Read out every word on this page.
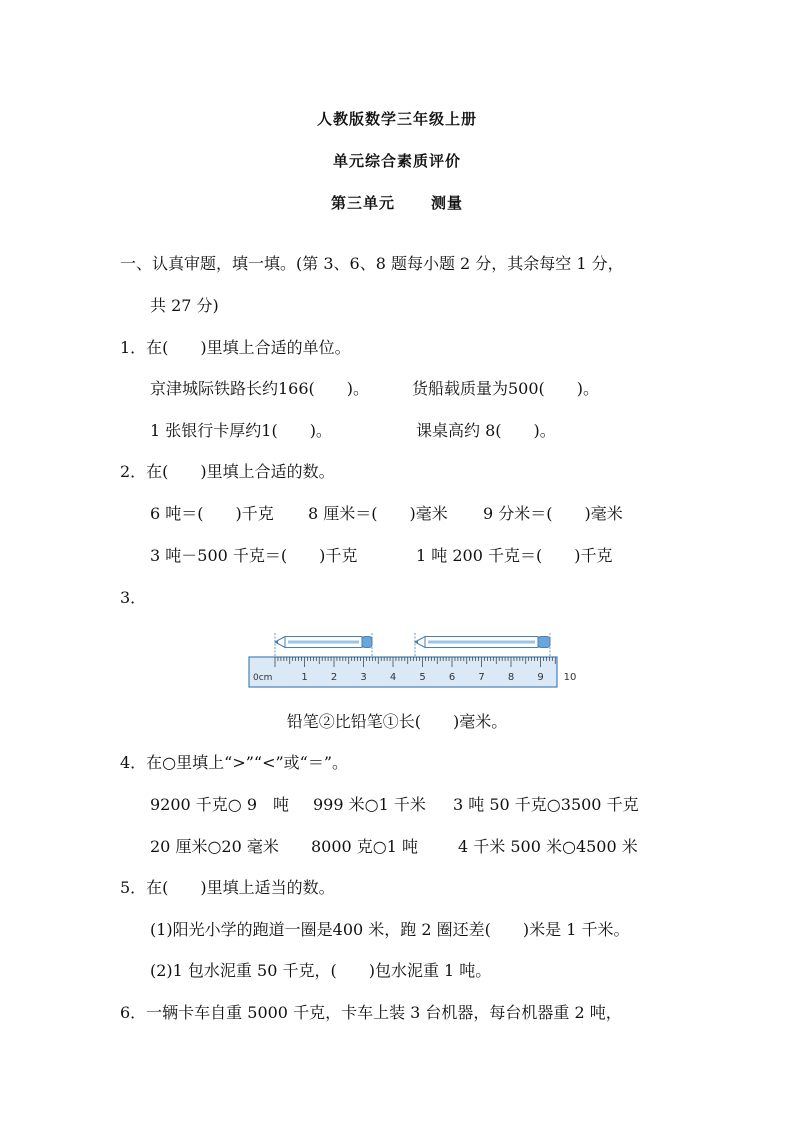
人教版数学三年级上册
单元综合素质评价
第三单元 测量
一、认真审题，填一填。(第 3、6、8 题每小题 2 分，其余每空 1 分，
共 27 分)
1．在(　　)里填上合适的单位。
京津城际铁路长约166(　　)。	货船载质量为500(　　)。
1 张银行卡厚约1(　　)。	课桌高约 8(　　)。
2．在(　　)里填上合适的数。
6 吨＝(　　)千克 8 厘米＝(　　)毫米 9 分米＝(　　)毫米
3 吨－500 千克＝(　　)千克	1 吨 200 千克＝(　　)千克
3．
0cm	1 2 3 4 5 6 7 8 9 10
铅笔②比铅笔①长(　　)毫米。
4．在○里填上“>”“<”或“＝”。
9200 千克○ 9　吨 999 米○1 千米 3 吨 50 千克○3500 千克
20 厘米○20 毫米 8000 克○1 吨 4 千米 500 米○4500 米
5．在(　　)里填上适当的数。
(1)阳光小学的跑道一圈是400 米，跑 2 圈还差(　　)米是 1 千米。
(2)1 包水泥重 50 千克，(　　)包水泥重 1 吨。
6．一辆卡车自重 5000 千克，卡车上装 3 台机器，每台机器重 2 吨，
